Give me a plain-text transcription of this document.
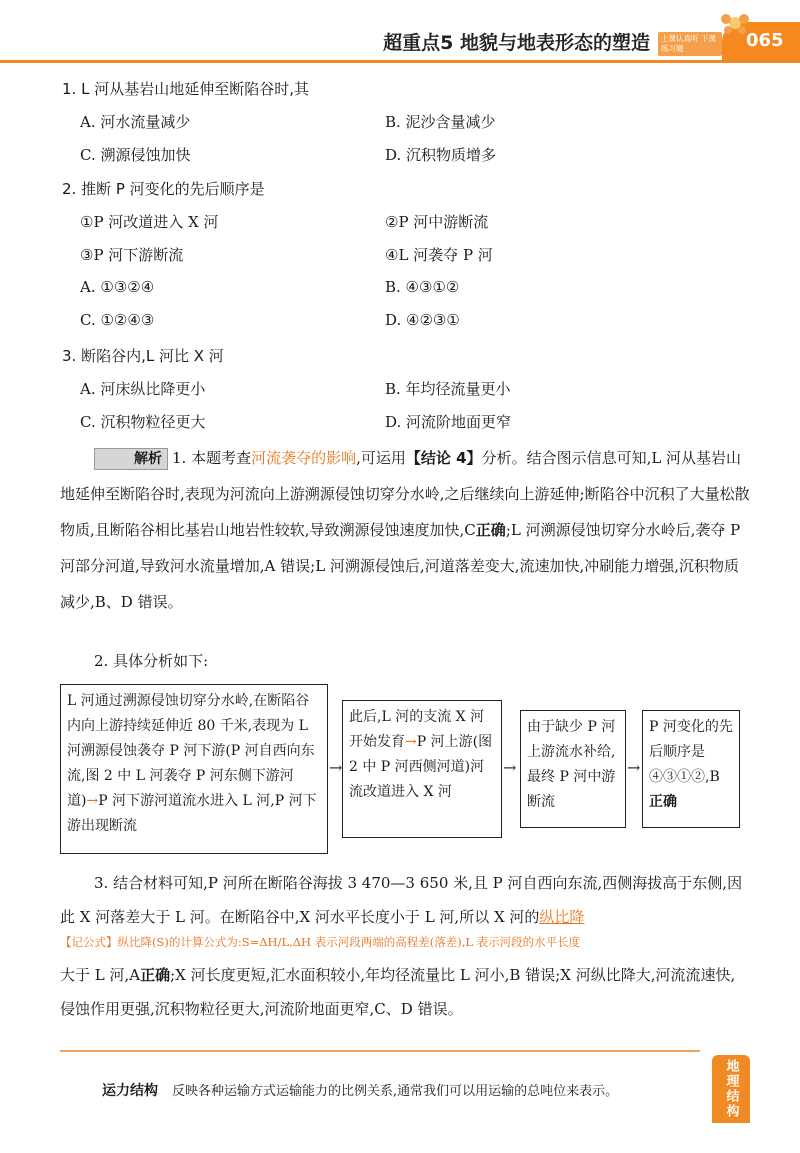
超重点5 地貌与地表形态的塑造	上课认真听 下课练习题	065
1. L 河从基岩山地延伸至断陷谷时,其
A. 河水流量减少	B. 泥沙含量减少
C. 溯源侵蚀加快	D. 沉积物质增多
2. 推断 P 河变化的先后顺序是
①P 河改道进入 X 河	②P 河中游断流
③P 河下游断流	④L 河袭夺 P 河
A. ①③②④	B. ④③①②
C. ①②④③	D. ④②③①
3. 断陷谷内,L 河比 X 河
A. 河床纵比降更小	B. 年均径流量更小
C. 沉积物粒径更大	D. 河流阶地面更窄

解析 1. 本题考查河流袭夺的影响,可运用【结论 4】分析。结合图示信息可知,L 河从基岩山地延伸至断陷谷时,表现为河流向上游溯源侵蚀切穿分水岭,之后继续向上游延伸;断陷谷中沉积了大量松散物质,且断陷谷相比基岩山地岩性较软,导致溯源侵蚀速度加快,C正确;L 河溯源侵蚀切穿分水岭后,袭夺 P 河部分河道,导致河水流量增加,A 错误;L 河溯源侵蚀后,河道落差变大,流速加快,冲刷能力增强,沉积物质减少,B、D 错误。

2. 具体分析如下:
L 河通过溯源侵蚀切穿分水岭,在断陷谷内向上游持续延伸近 80 千米,表现为 L 河溯源侵蚀袭夺 P 河下游(P 河自西向东流,图 2 中 L 河袭夺 P 河东侧下游河道)→P 河下游河道流水进入 L 河,P 河下游出现断流
→
此后,L 河的支流 X 河开始发育→P 河上游(图 2 中 P 河西侧河道)河流改道进入 X 河
→
由于缺少 P 河上游流水补给,最终 P 河中游断流
→
P 河变化的先后顺序是④③①②,B正确

3. 结合材料可知,P 河所在断陷谷海拔 3 470—3 650 米,且 P 河自西向东流,西侧海拔高于东侧,因此 X 河落差大于 L 河。在断陷谷中,X 河水平长度小于 L 河,所以 X 河的纵比降

【记公式】纵比降(S)的计算公式为:S=ΔH/L,ΔH 表示河段两端的高程差(落差),L 表示河段的水平长度

大于 L 河,A正确;X 河长度更短,汇水面积较小,年均径流量比 L 河小,B 错误;X 河纵比降大,河流流速快,侵蚀作用更强,沉积物粒径更大,河流阶地面更窄,C、D 错误。

运力结构 反映各种运输方式运输能力的比例关系,通常我们可以用运输的总吨位来表示。	地理结构
